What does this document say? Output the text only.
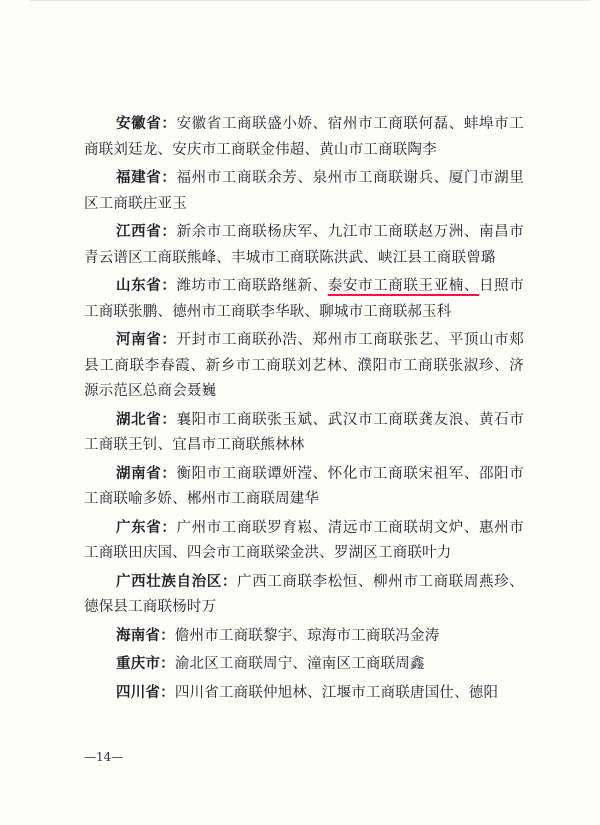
安徽省：安徽省工商联盛小娇、宿州市工商联何磊、蚌埠市工商联刘廷龙、安庆市工商联金伟超、黄山市工商联陶李

福建省：福州市工商联余芳、泉州市工商联谢兵、厦门市湖里区工商联庄亚玉

江西省：新余市工商联杨庆军、九江市工商联赵万洲、南昌市青云谱区工商联熊峰、丰城市工商联陈洪武、峡江县工商联曾璐

山东省：潍坊市工商联路继新、泰安市工商联王亚楠、日照市工商联张鹏、德州市工商联李华耿、聊城市工商联郝玉科

河南省：开封市工商联孙浩、郑州市工商联张艺、平顶山市郏县工商联李春霞、新乡市工商联刘艺林、濮阳市工商联张淑珍、济源示范区总商会聂巍

湖北省：襄阳市工商联张玉斌、武汉市工商联龚友浪、黄石市工商联王钊、宜昌市工商联熊林林

湖南省：衡阳市工商联谭妍滢、怀化市工商联宋祖军、邵阳市工商联喻多娇、郴州市工商联周建华

广东省：广州市工商联罗育崧、清远市工商联胡文炉、惠州市工商联田庆国、四会市工商联梁金洪、罗湖区工商联叶力

广西壮族自治区：广西工商联李松恒、柳州市工商联周燕珍、德保县工商联杨时万

海南省：儋州市工商联黎宇、琼海市工商联冯金涛

重庆市：渝北区工商联周宁、潼南区工商联周鑫

四川省：四川省工商联仲旭林、江堰市工商联唐国仕、德阳

—14—
